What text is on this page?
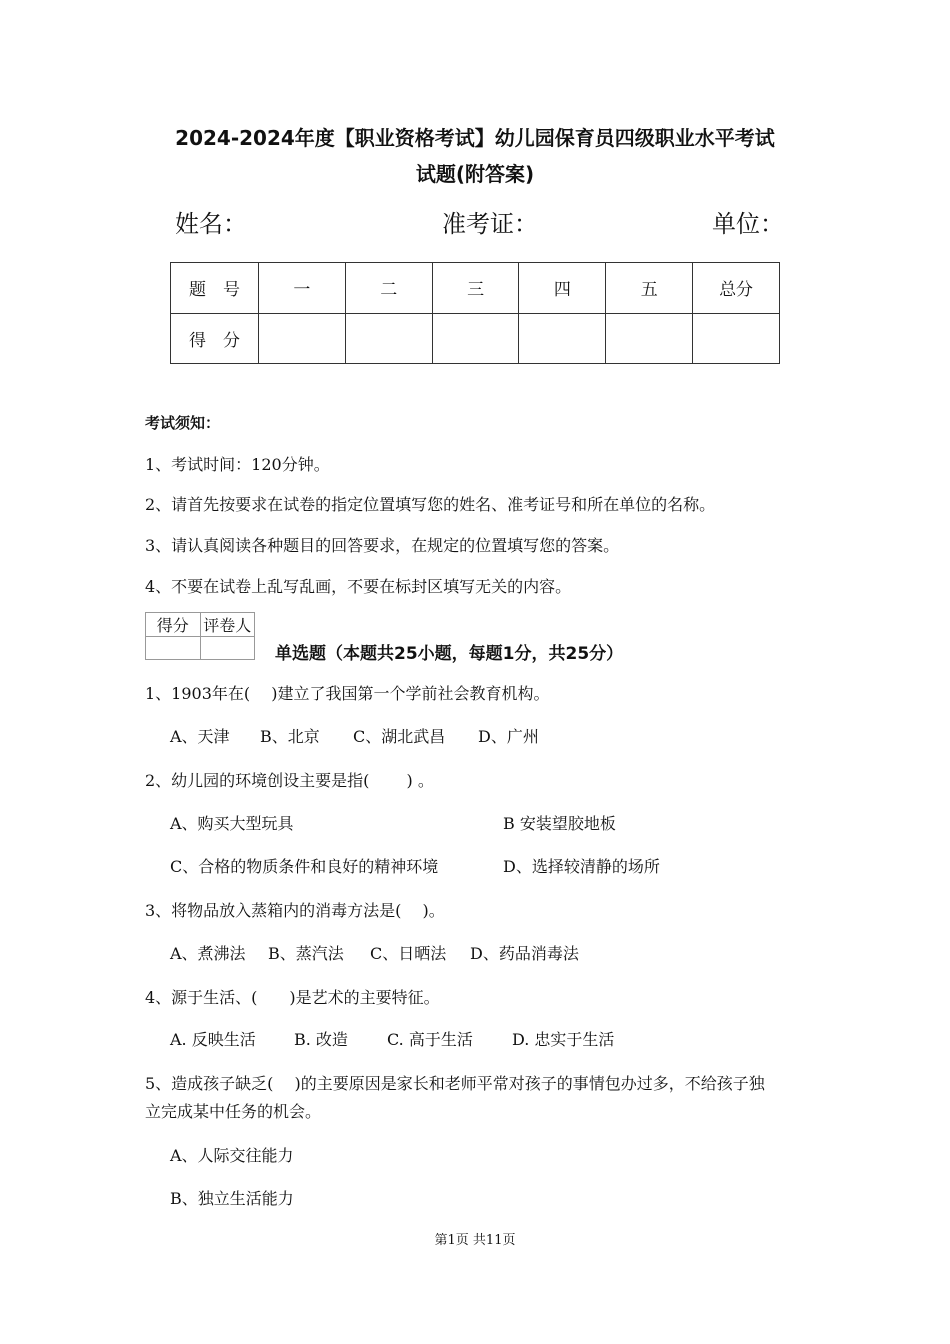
2024-2024年度【职业资格考试】幼儿园保育员四级职业水平考试
试题(附答案)
姓名：	准考证：	单位：
题　号	一	二	三	四	五	总分
得　分						
考试须知：
1、考试时间：120分钟。
2、请首先按要求在试卷的指定位置填写您的姓名、准考证号和所在单位的名称。
3、请认真阅读各种题目的回答要求，在规定的位置填写您的答案。
4、不要在试卷上乱写乱画，不要在标封区填写无关的内容。
得分	评卷人

单选题（本题共25小题，每题1分，共25分）
1、1903年在(　 )建立了我国第一个学前社会教育机构。
A、天津 B、北京 C、湖北武昌 D、广州
2、幼儿园的环境创设主要是指(　　 ) 。
A、购买大型玩具	B 安装望胶地板
C、合格的物质条件和良好的精神环境	D、选择较清静的场所
3、将物品放入蒸箱内的消毒方法是(　 )。
A、煮沸法 B、蒸汽法 C、日晒法 D、药品消毒法
4、源于生活、(　　)是艺术的主要特征。
A. 反映生活 B. 改造 C. 高于生活 D. 忠实于生活
5、造成孩子缺乏(　 )的主要原因是家长和老师平常对孩子的事情包办过多，不给孩子独
立完成某中任务的机会。
A、人际交往能力
B、独立生活能力
第1页 共11页
